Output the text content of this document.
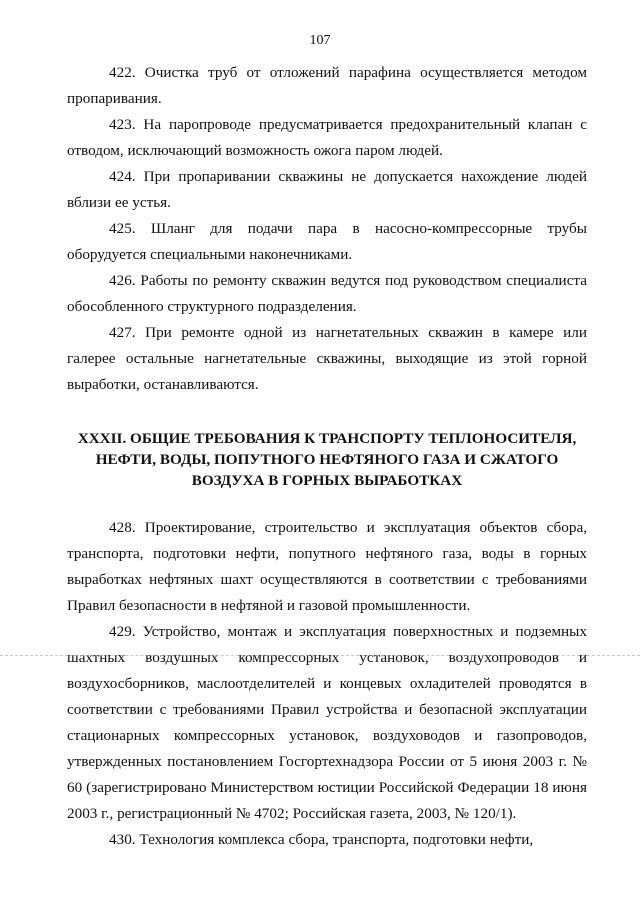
107

422. Очистка труб от отложений парафина осуществляется методом пропаривания.

423. На паропроводе предусматривается предохранительный клапан с отводом, исключающий возможность ожога паром людей.

424. При пропаривании скважины не допускается нахождение людей вблизи ее устья.

425. Шланг для подачи пара в насосно-компрессорные трубы оборудуется специальными наконечниками.

426. Работы по ремонту скважин ведутся под руководством специалиста обособленного структурного подразделения.

427. При ремонте одной из нагнетательных скважин в камере или галерее остальные нагнетательные скважины, выходящие из этой горной выработки, останавливаются.

XXXII. ОБЩИЕ ТРЕБОВАНИЯ К ТРАНСПОРТУ ТЕПЛОНОСИТЕЛЯ, НЕФТИ, ВОДЫ, ПОПУТНОГО НЕФТЯНОГО ГАЗА И СЖАТОГО ВОЗДУХА В ГОРНЫХ ВЫРАБОТКАХ

428. Проектирование, строительство и эксплуатация объектов сбора, транспорта, подготовки нефти, попутного нефтяного газа, воды в горных выработках нефтяных шахт осуществляются в соответствии с требованиями Правил безопасности в нефтяной и газовой промышленности.

429. Устройство, монтаж и эксплуатация поверхностных и подземных шахтных воздушных компрессорных установок, воздухопроводов и воздухосборников, маслоотделителей и концевых охладителей проводятся в соответствии с требованиями Правил устройства и безопасной эксплуатации стационарных компрессорных установок, воздуховодов и газопроводов, утвержденных постановлением Госгортехнадзора России от 5 июня 2003 г. № 60 (зарегистрировано Министерством юстиции Российской Федерации 18 июня 2003 г., регистрационный № 4702; Российская газета, 2003, № 120/1).

430. Технология комплекса сбора, транспорта, подготовки нефти,
